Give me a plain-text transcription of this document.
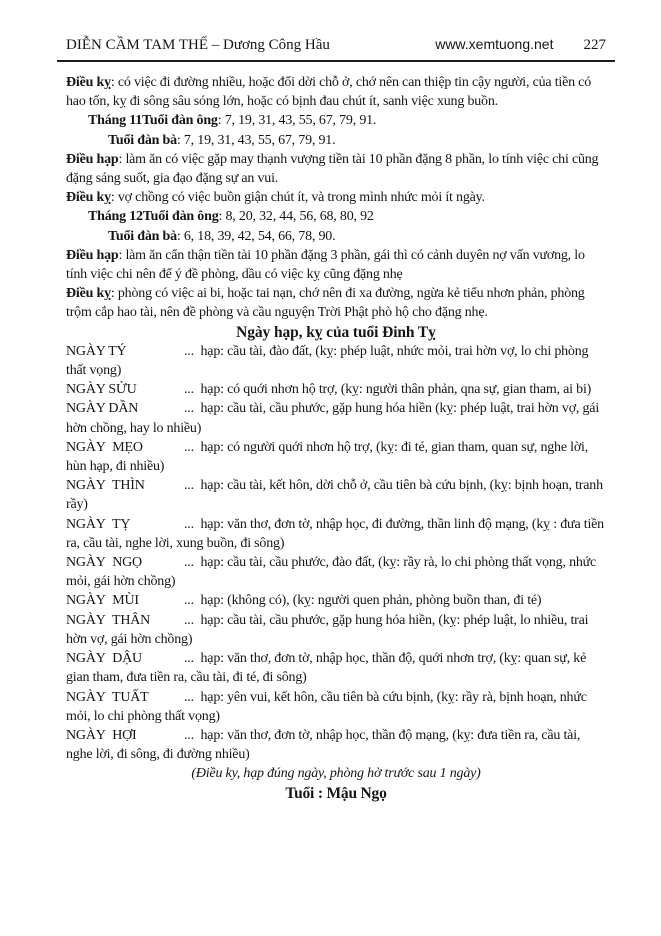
DIỄN CẦM TAM THẾ – Dương Công Hầu	www.xemtuong.net 227

Điều kỵ: có việc đi đường nhiều, hoặc đổi dời chỗ ở, chớ nên can thiệp tin cậy người, của tiền có hao tốn, kỵ đi sông sâu sóng lớn, hoặc có bịnh đau chút ít, sanh việc xung buồn.

Tháng 11Tuổi đàn ông: 7, 19, 31, 43, 55, 67, 79, 91.

Tuổi đàn bà: 7, 19, 31, 43, 55, 67, 79, 91.

Điều hạp: làm ăn có việc gặp may thạnh vượng tiền tài 10 phần đặng 8 phần, lo tính việc chi cũng đặng sáng suốt, gia đạo đặng sự an vui.

Điều kỵ: vợ chồng có việc buồn giận chút ít, và trong mình nhức mỏi ít ngày.

Tháng 12Tuổi đàn ông: 8, 20, 32, 44, 56, 68, 80, 92

Tuổi đàn bà: 6, 18, 39, 42, 54, 66, 78, 90.

Điều hạp: làm ăn cẩn thận tiền tài 10 phần đặng 3 phần, gái thì có cảnh duyên nợ vấn vương, lo tính việc chi nên để ý đề phòng, dầu có việc kỵ cũng đặng nhẹ

Điều kỵ: phòng có việc ai bi, hoặc tai nạn, chớ nên đi xa đường, ngừa kẻ tiểu nhơn phản, phòng trộm cắp hao tài, nên đề phòng và cầu nguyện Trời Phật phò hộ cho đặng nhẹ.

Ngày hạp, kỵ của tuổi Đinh Tỵ

NGÀY TÝ	...  hạp: cầu tài, đào đất, (kỵ: phép luật, nhức mỏi, trai hờn vợ, lo chi phòng thất vọng)

NGÀY SỬU	...  hạp: có quới nhơn hộ trợ, (kỵ: người thân phản, qna sự, gian tham, ai bi)

NGÀY DẦN	...  hạp: cầu tài, cầu phước, gặp hung hóa hiền (kỵ: phép luật, trai hờn vợ, gái hờn chồng, hay lo nhiều)

NGÀY  MẸO	...  hạp: có người quới nhơn hộ trợ, (kỵ: đi té, gian tham, quan sự, nghe lời, hùn hạp, đi nhiều)

NGÀY  THÌN	...  hạp: cầu tài, kết hôn, dời chỗ ở, cầu tiên bà cứu bịnh, (kỵ: bịnh hoạn, tranh rầy)

NGÀY  TỴ	...  hạp: văn thơ, đơn tờ, nhập học, đi đường, thần linh độ mạng, (kỵ : đưa tiền ra, cầu tài, nghe lời, xung buồn, đi sông)

NGÀY  NGỌ	...  hạp: cầu tài, cầu phước, đào đất, (kỵ: rầy rà, lo chi phòng thất vọng, nhức mỏi, gái hờn chồng)

NGÀY  MÙI	...  hạp: (không có), (kỵ: người quen phản, phòng buồn than, đi té)

NGÀY  THÂN ...  hạp: cầu tài, cầu phước, gặp hung hóa hiền, (kỵ: phép luật, lo nhiều, trai hờn vợ, gái hờn chồng)

NGÀY  DẬU	...  hạp: văn thơ, đơn tờ, nhập học, thần độ, quới nhơn trợ, (kỵ: quan sự, kẻ gian tham, đưa tiền ra, cầu tài, đi té, đi sông)

NGÀY  TUẤT	...  hạp: yên vui, kết hôn, cầu tiên bà cứu bịnh, (kỵ: rầy rà, bịnh hoạn, nhức mỏi, lo chi phòng thất vọng)

NGÀY  HỢI	...  hạp: văn thơ, đơn tờ, nhập học, thần độ mạng, (kỵ: đưa tiền ra, cầu tài, nghe lời, đi sông, đi đường nhiều)

(Điều ky, hạp đúng ngày, phòng hờ trước sau 1 ngày)

Tuổi : Mậu Ngọ
